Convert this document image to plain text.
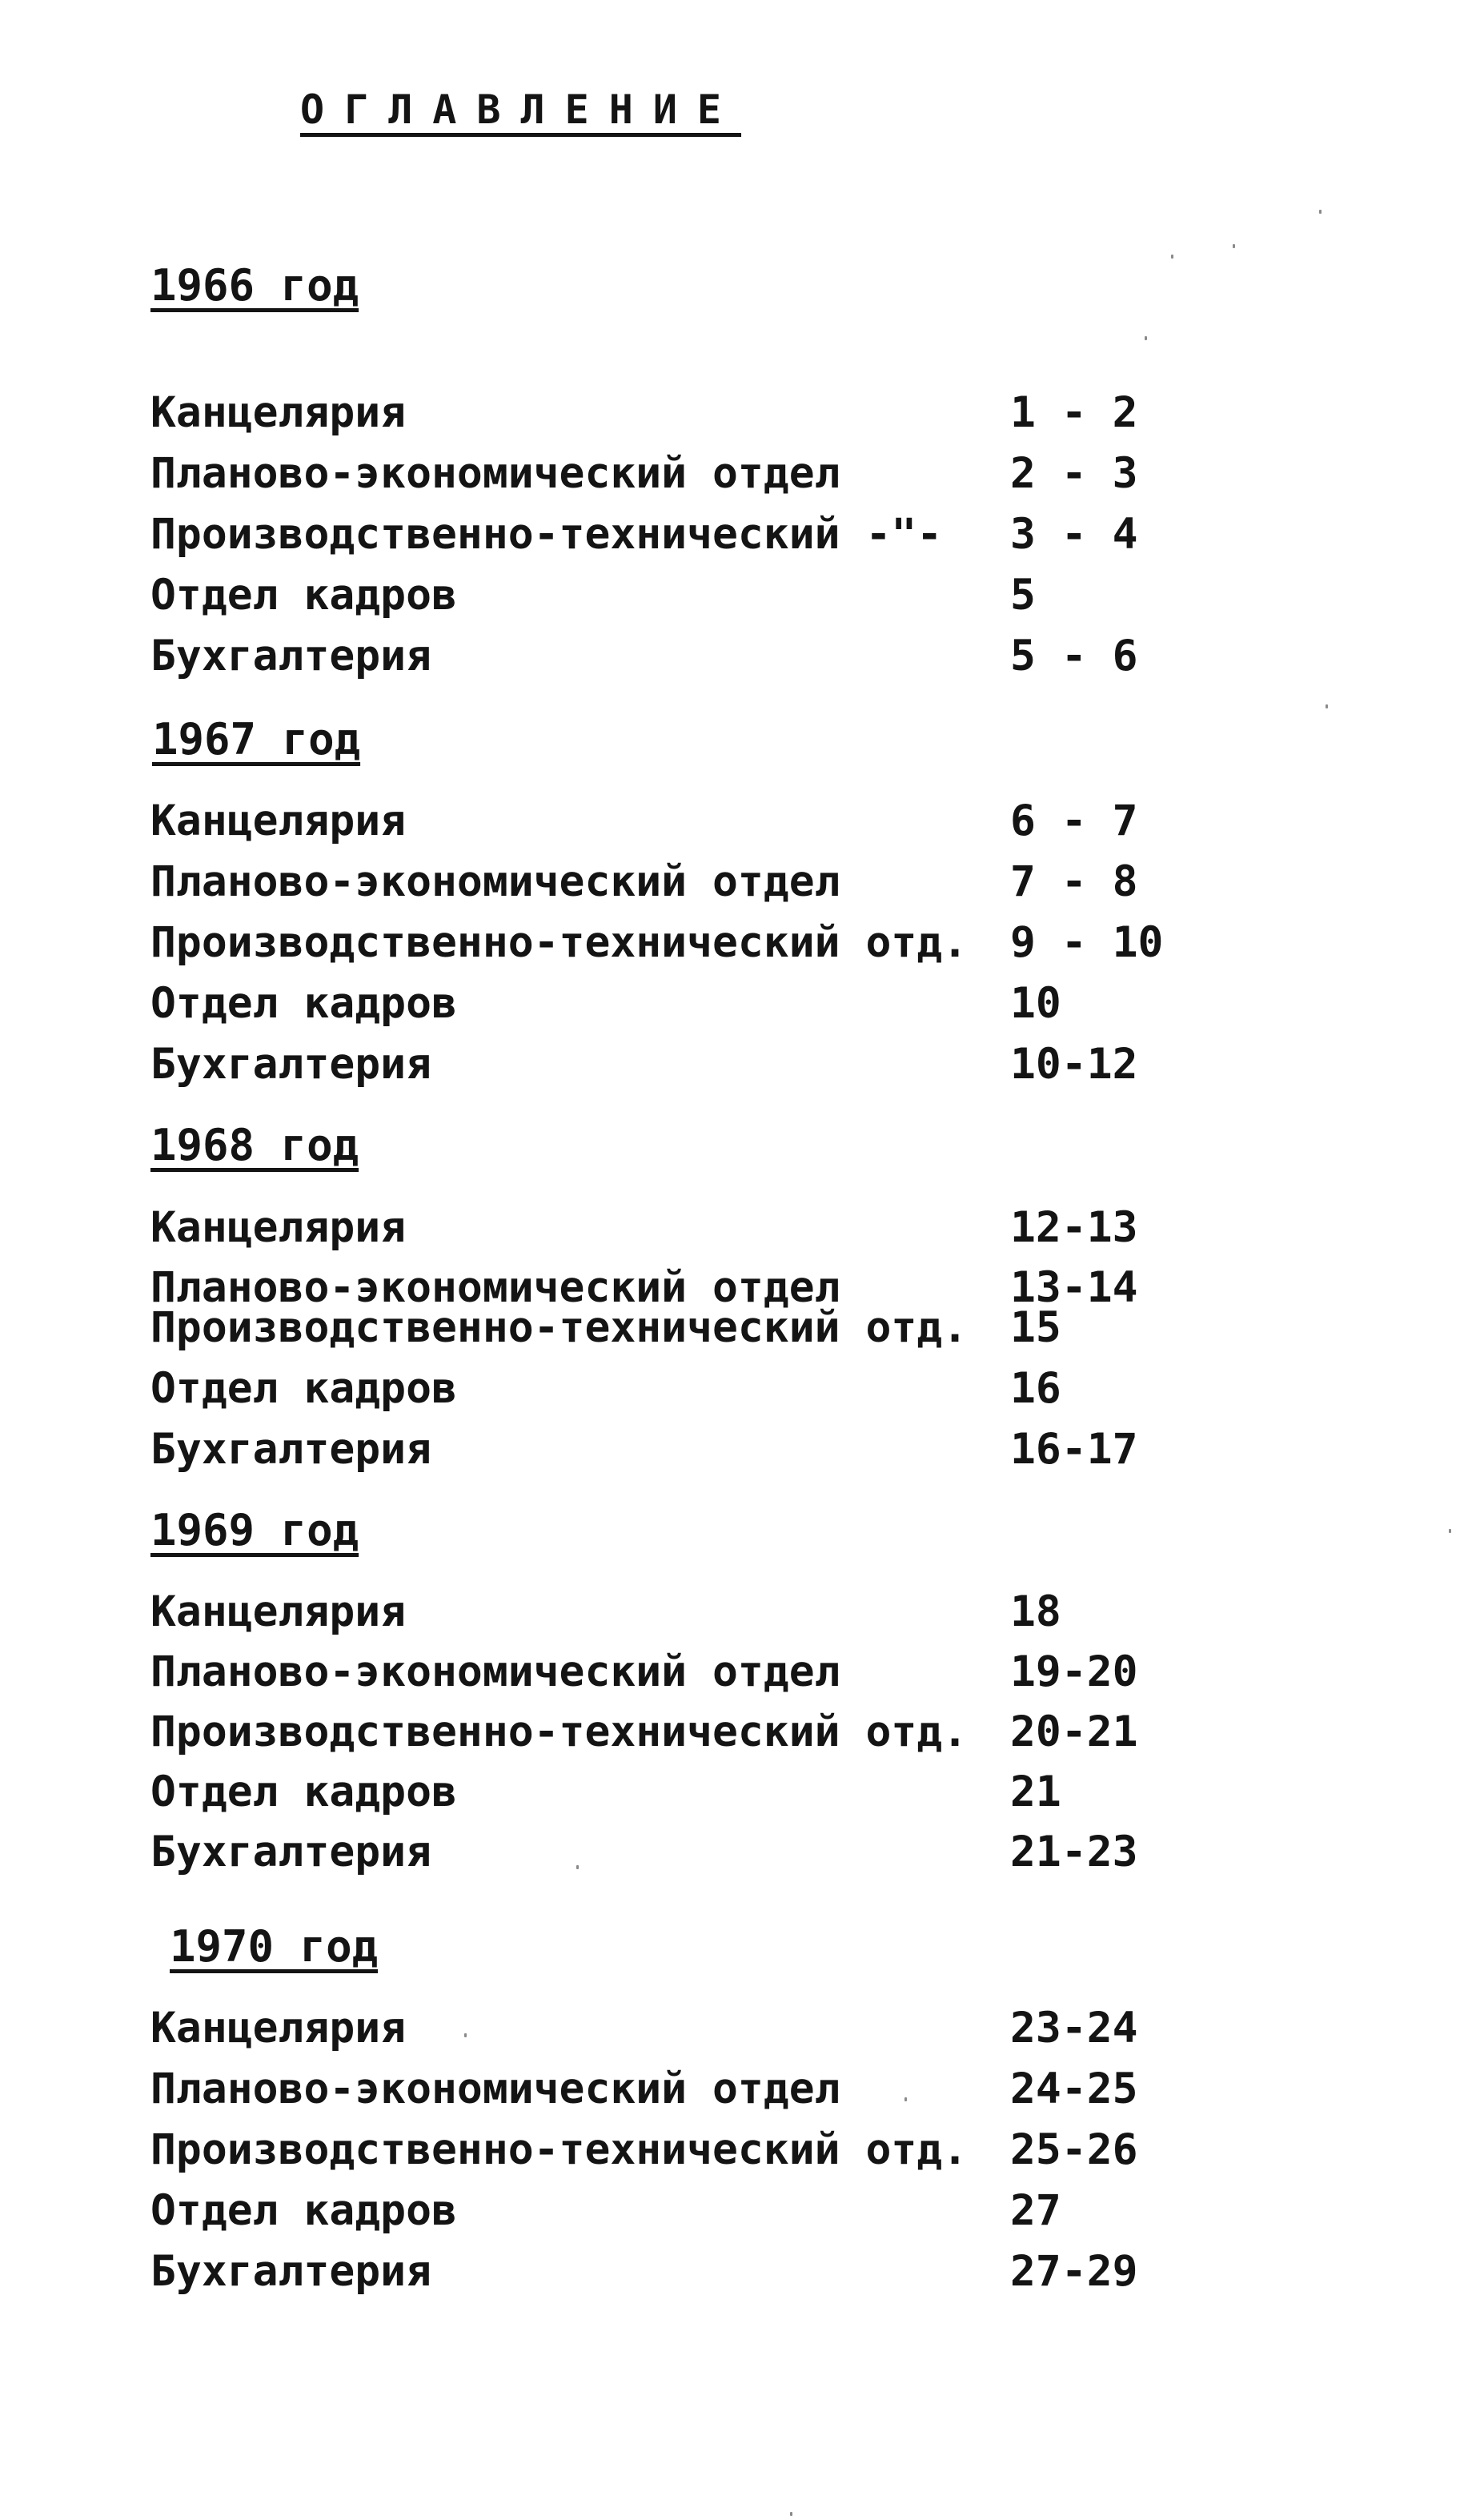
ОГЛАВЛЕНИЕ
1966 год
Канцелярия	1 - 2
Планово-экономический отдел	2 - 3
Производственно-технический -"- 3 - 4
Отдел кадров	5
Бухгалтерия	5 - 6
1967 год
Канцелярия	6 - 7
Планово-экономический отдел	7 - 8
Производственно-технический отд. 9 - 10
Отдел кадров	10
Бухгалтерия	10-12
1968 год
Канцелярия	12-13
Планово-экономический отдел	13-14
Производственно-технический отд. 15
Отдел кадров	16
Бухгалтерия	16-17
1969 год
Канцелярия	18
Планово-экономический отдел	19-20
Производственно-технический отд. 20-21
Отдел кадров	21
Бухгалтерия	21-23
1970 год
Канцелярия	23-24
Планово-экономический отдел	24-25
Производственно-технический отд. 25-26
Отдел кадров	27
Бухгалтерия	27-29
